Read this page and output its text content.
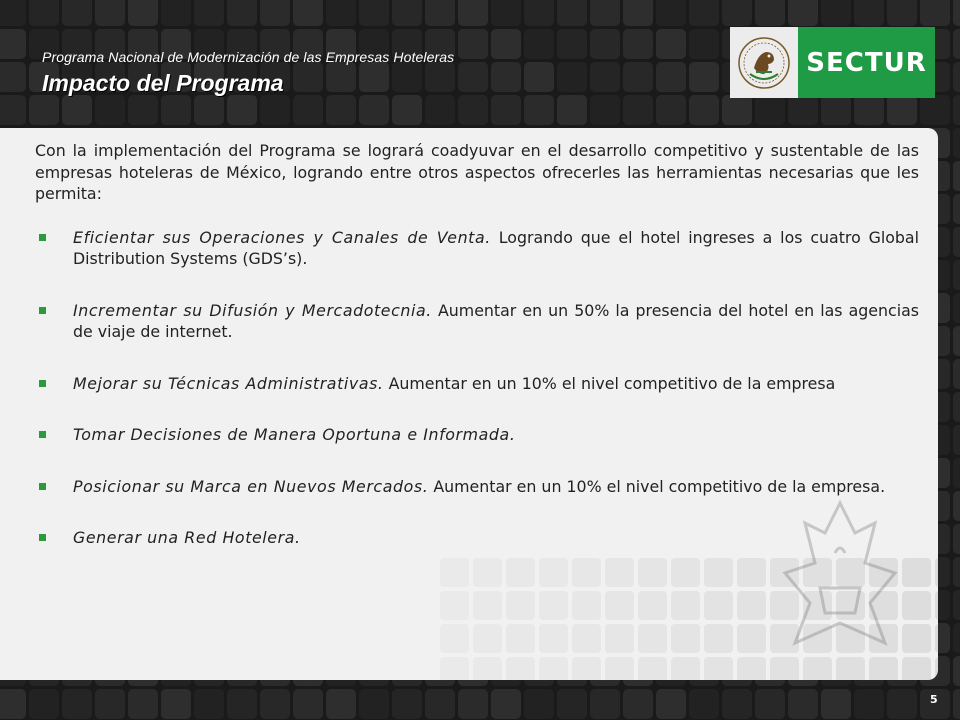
Programa Nacional de Modernización de las Empresas Hoteleras
Impacto del Programa
SECTUR

Con la implementación del Programa se logrará coadyuvar en el desarrollo competitivo y sustentable de las empresas hoteleras de México, logrando entre otros aspectos ofrecerles las herramientas necesarias que les permita:

Eficientar sus Operaciones y Canales de Venta. Logrando que el hotel ingreses a los cuatro Global Distribution Systems (GDS’s).
Incrementar su Difusión y Mercadotecnia. Aumentar en un 50% la presencia del hotel en las agencias de viaje de internet.
Mejorar su Técnicas Administrativas. Aumentar en un 10% el nivel competitivo de la empresa
Tomar Decisiones de Manera Oportuna e Informada.
Posicionar su Marca en Nuevos Mercados. Aumentar en un 10% el nivel competitivo de la empresa.
Generar una Red Hotelera.
5
